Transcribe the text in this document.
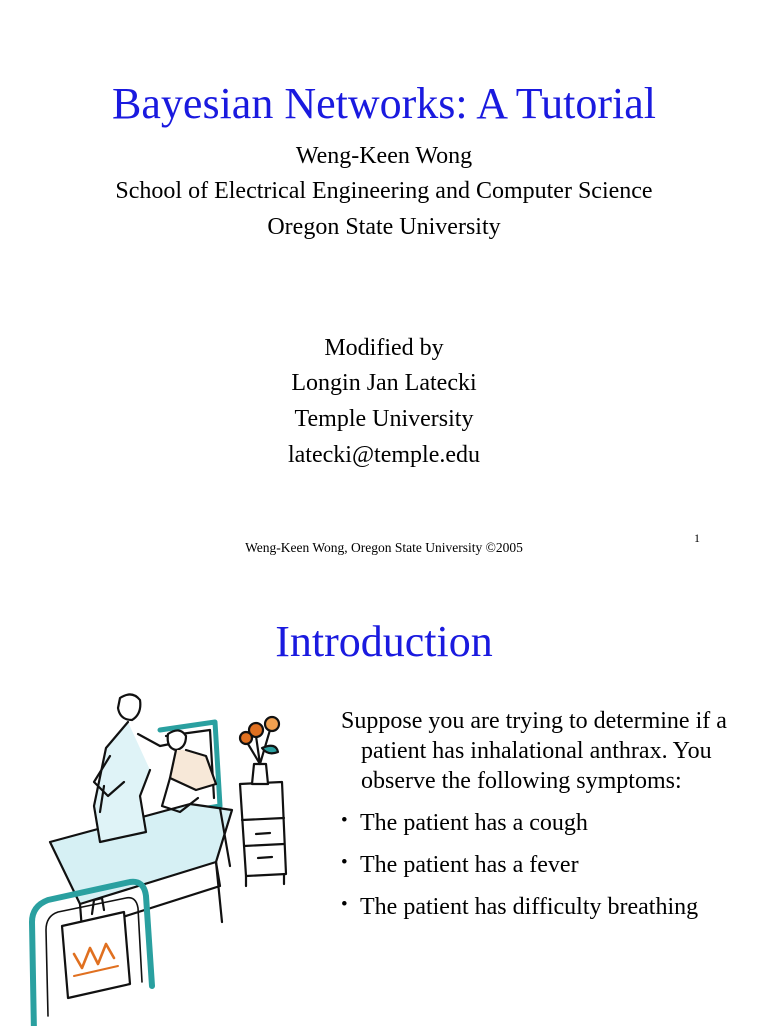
Bayesian Networks: A Tutorial
Weng-Keen Wong
School of Electrical Engineering and Computer Science
Oregon State University
Modified by
Longin Jan Latecki
Temple University
latecki@temple.edu
Weng-Keen Wong, Oregon State University ©2005
1
Introduction

Suppose you are trying to determine if a patient has inhalational anthrax. You observe the following symptoms:

• The patient has a cough
• The patient has a fever
• The patient has difficulty breathing
